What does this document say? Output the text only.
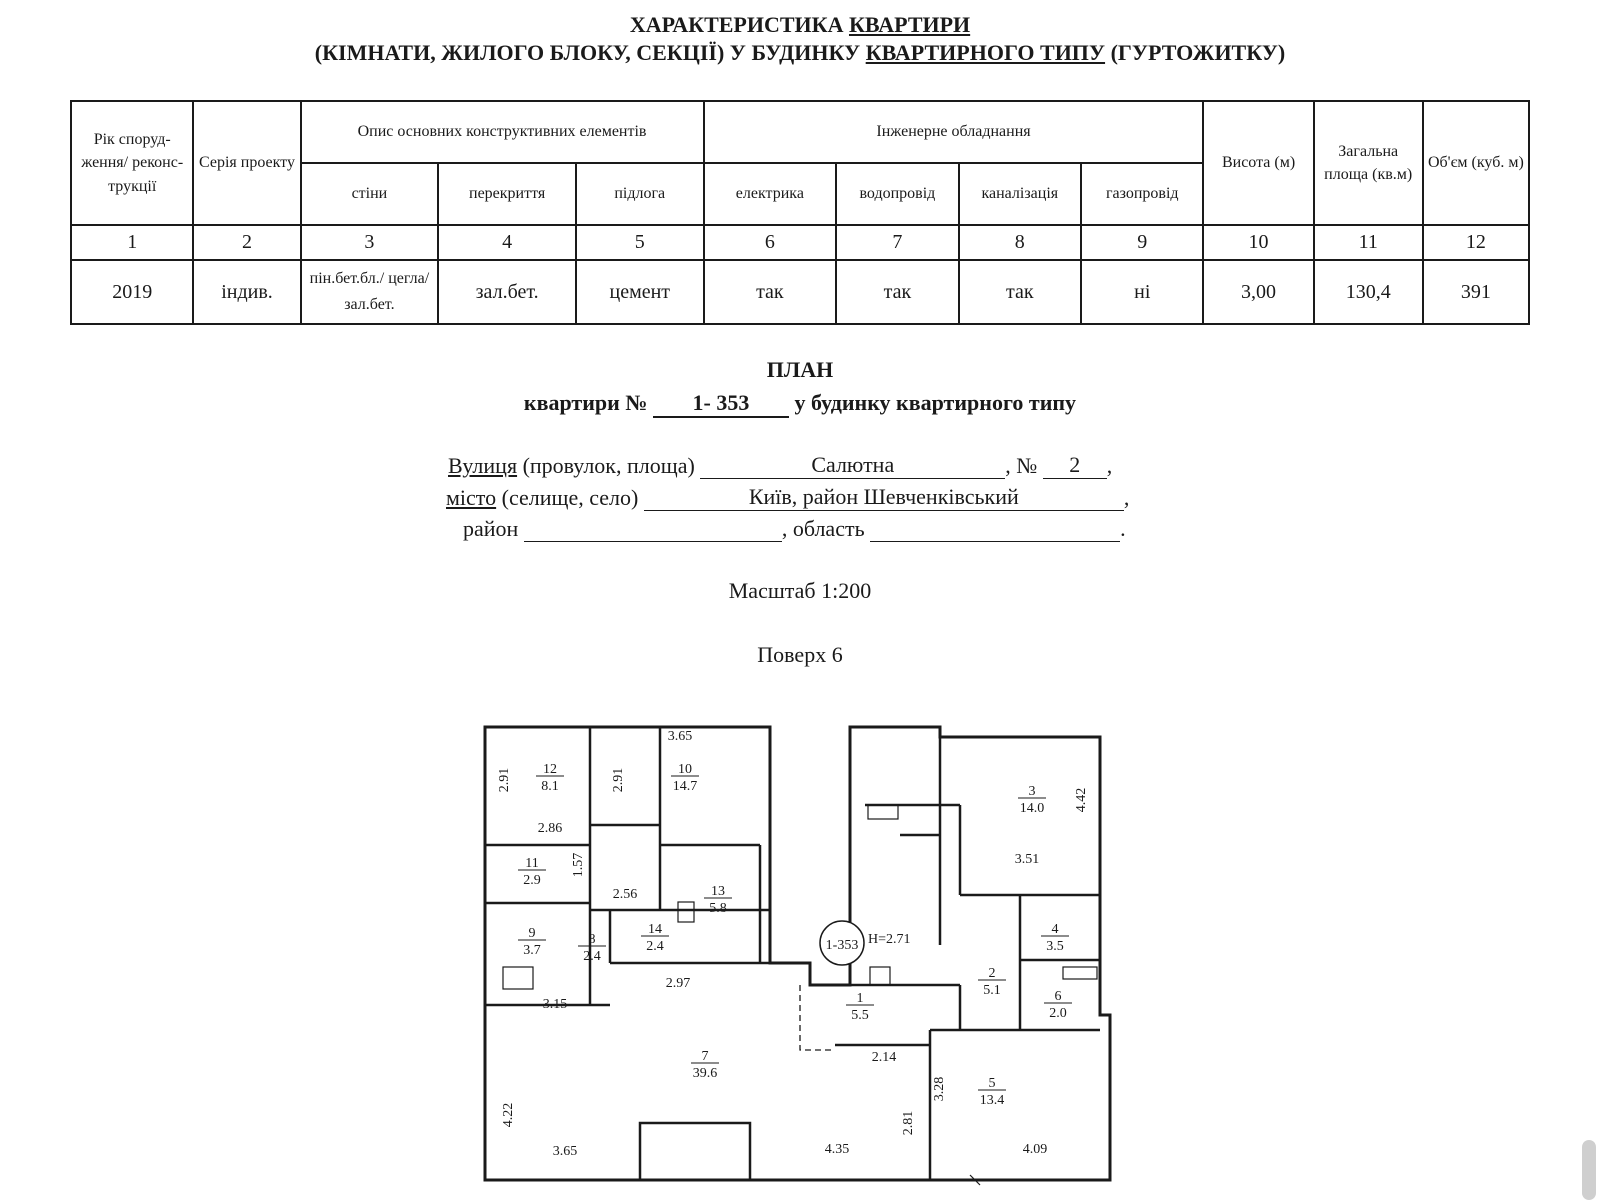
ХАРАКТЕРИСТИКА КВАРТИРИ
(КІМНАТИ, ЖИЛОГО БЛОКУ, СЕКЦІЇ) У БУДИНКУ КВАРТИРНОГО ТИПУ (ГУРТОЖИТКУ)
Рік споруд-ження/ реконс-трукції	Серія проекту	Опис основних конструктивних елементів			Інженерне обладнання				Висота (м)	Загальна площа (кв.м)	Об'єм (куб. м)
		стіни	перекриття	підлога	електрика	водопровід	каналізація	газопровід			
1	2	3	4	5	6	7	8	9	10	11	12
2019	індив.	пін.бет.бл./ цегла/зал.бет.	зал.бет.	цемент	так	так	так	ні	3,00	130,4	391
ПЛАН
квартири № 1- 353 у будинку квартирного типу
Вулиця (провулок, площа)	Салютна	, № 2 ,
місто (селище, село)	Київ, район Шевченківський	,
район	, область	.
Масштаб 1:200
Поверх 6
1-353 H=2.71
12
8.1
10
14.7	3
14.0
11
2.9
13
5.8
9
3.7
8
2.4
14
2.4
4
3.5
2
5.1	6
2.0
1
5.5
7
39.6
5
13.4
3.65
2.91	2.91
4.42
2.86
1.57	3.51
2.56
2.97
3.15
2.14
3.28
4.22	2.81
3.65	4.35	4.09
